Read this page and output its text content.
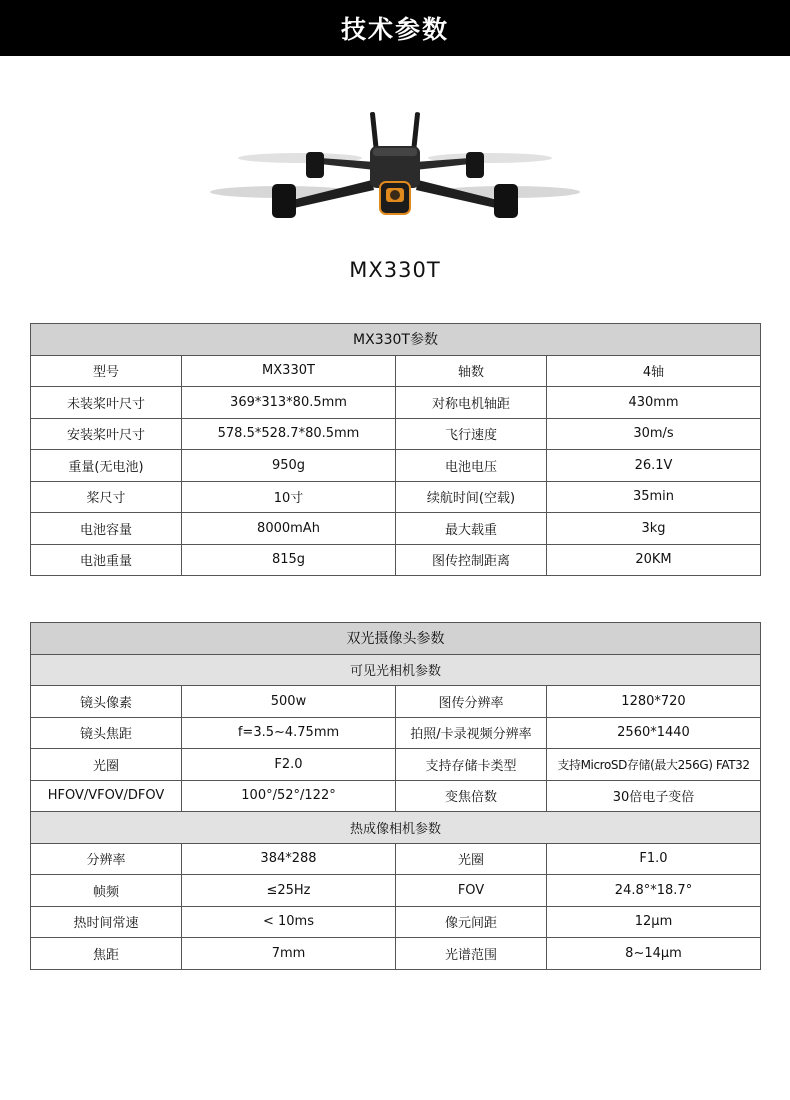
技术参数
MX330T
MX330T参数			
型号	MX330T	轴数	4轴
未装桨叶尺寸	369*313*80.5mm	对称电机轴距	430mm
安装桨叶尺寸	578.5*528.7*80.5mm	飞行速度	30m/s
重量(无电池)	950g	电池电压	26.1V
桨尺寸	10寸	续航时间(空载)	35min
电池容量	8000mAh	最大载重	3kg
电池重量	815g	图传控制距离	20KM
双光摄像头参数			
可见光相机参数			
镜头像素	500w	图传分辨率	1280*720
镜头焦距	f=3.5~4.75mm	拍照/卡录视频分辨率	2560*1440
光圈	F2.0	支持存储卡类型	支持MicroSD存储(最大256G) FAT32
HFOV/VFOV/DFOV	100°/52°/122°	变焦倍数	30倍电子变倍
热成像相机参数			
分辨率	384*288	光圈	F1.0
帧频	≤25Hz	FOV	24.8°*18.7°
热时间常速	< 10ms	像元间距	12μm
焦距	7mm	光谱范围	8~14μm
